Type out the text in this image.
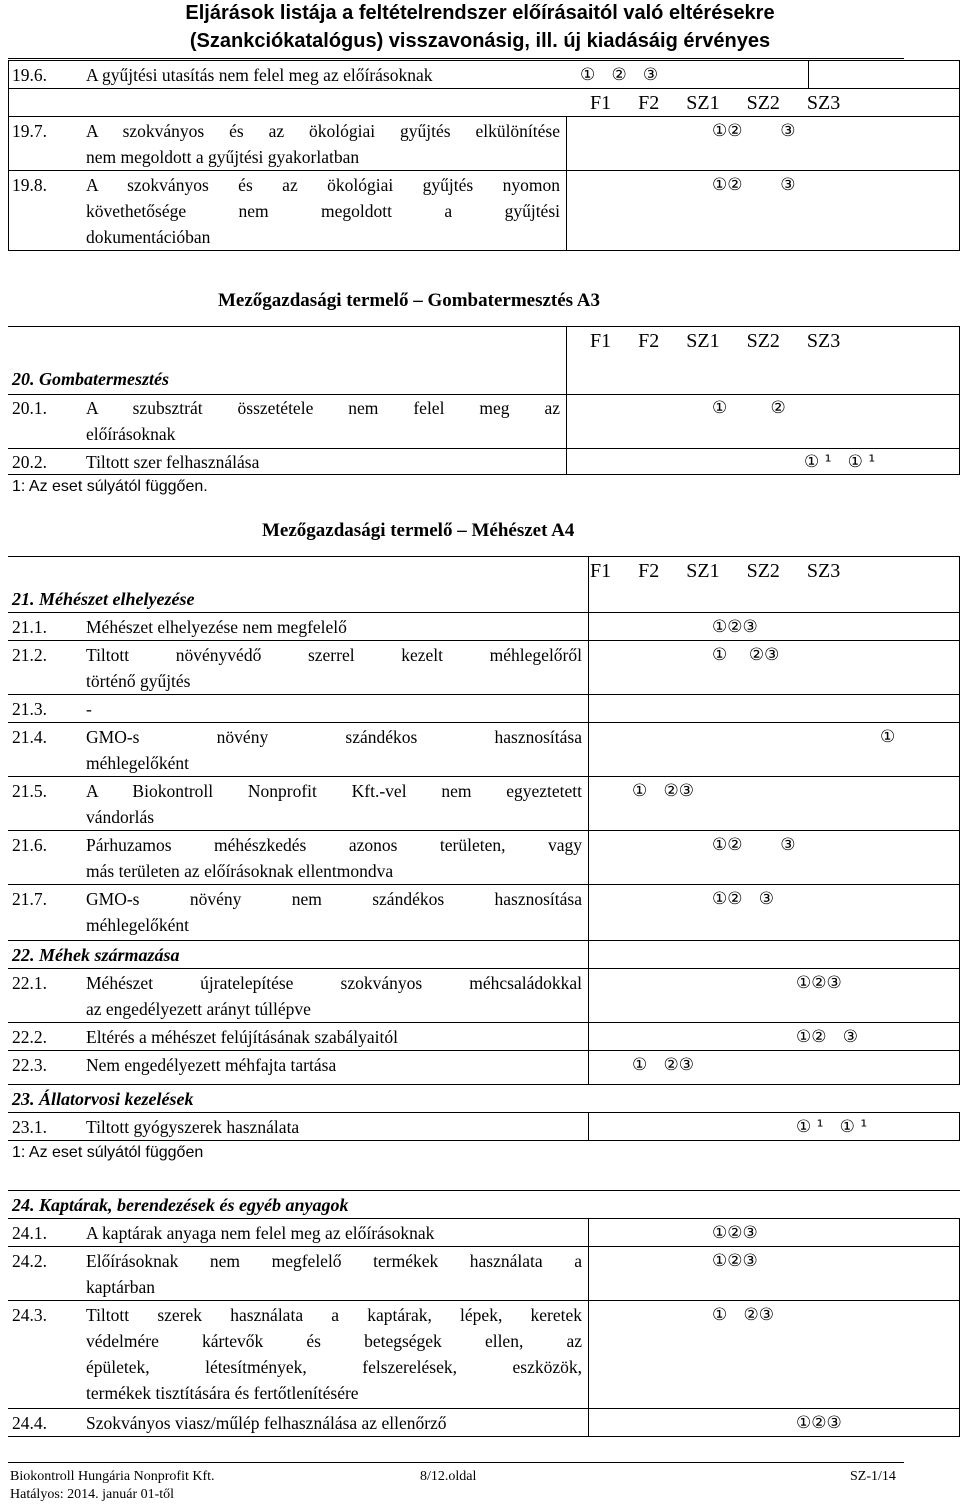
Eljárások listája a feltételrendszer előírásaitól való eltérésekre
(Szankciókatalógus) visszavonásig, ill. új kiadásáig érvényes
19.6. A gyűjtési utasítás nem felel meg az előírásoknak	①   ②   ③
F1 F2 SZ1 SZ2 SZ3
19.7. A szokványos és az ökológiai gyűjtés elkülönítése
nem megoldott a gyűjtési gyakorlatban
①②       ③
19.8. A szokványos és az ökológiai gyűjtés nyomon
követhetősége nem megoldott a gyűjtési
dokumentációban
①②       ③
Mezőgazdasági termelő – Gombatermesztés A3
F1 F2 SZ1 SZ2 SZ3
20. Gombatermesztés
20.1. A szubsztrát összetétele nem felel meg az
előírásoknak
①        ②
20.2. Tiltott szer felhasználása	① ¹   ① ¹
1: Az eset súlyától függően.
Mezőgazdasági termelő – Méhészet A4
F1 F2 SZ1 SZ2 SZ3
21. Méhészet elhelyezése
21.1. Méhészet elhelyezése nem megfelelő	①②③
21.2. Tiltott növényvédő szerrel kezelt méhlegelőről
történő gyűjtés
①    ②③
21.3. -
21.4. GMO-s növény szándékos hasznosítása
méhlegelőként
①
21.5. A Biokontroll Nonprofit Kft.-vel nem egyeztetett
vándorlás
①   ②③
21.6. Párhuzamos méhészkedés azonos területen, vagy
más területen az előírásoknak ellentmondva
①②       ③
21.7. GMO-s növény nem szándékos hasznosítása
méhlegelőként
①②   ③
22. Méhek származása
22.1. Méhészet újratelepítése szokványos méhcsaládokkal
az engedélyezett arányt túllépve
①②③
22.2. Eltérés a méhészet felújításának szabályaitól	①②   ③
22.3. Nem engedélyezett méhfajta tartása	①   ②③
23. Állatorvosi kezelések
23.1. Tiltott gyógyszerek használata	① ¹   ① ¹
1: Az eset súlyától függően
24. Kaptárak, berendezések és egyéb anyagok
24.1. A kaptárak anyaga nem felel meg az előírásoknak	①②③
24.2. Előírásoknak nem megfelelő termékek használata a
kaptárban
①②③
24.3. Tiltott szerek használata a kaptárak, lépek, keretek
védelmére kártevők és betegségek ellen, az
épületek, létesítmények, felszerelések, eszközök,
termékek tisztítására és fertőtlenítésére
①   ②③
24.4. Szokványos viasz/műlép felhasználása az ellenőrző	①②③
Biokontroll Hungária Nonprofit Kft.
Hatályos: 2014. január 01-től
8/12.oldal	SZ-1/14
